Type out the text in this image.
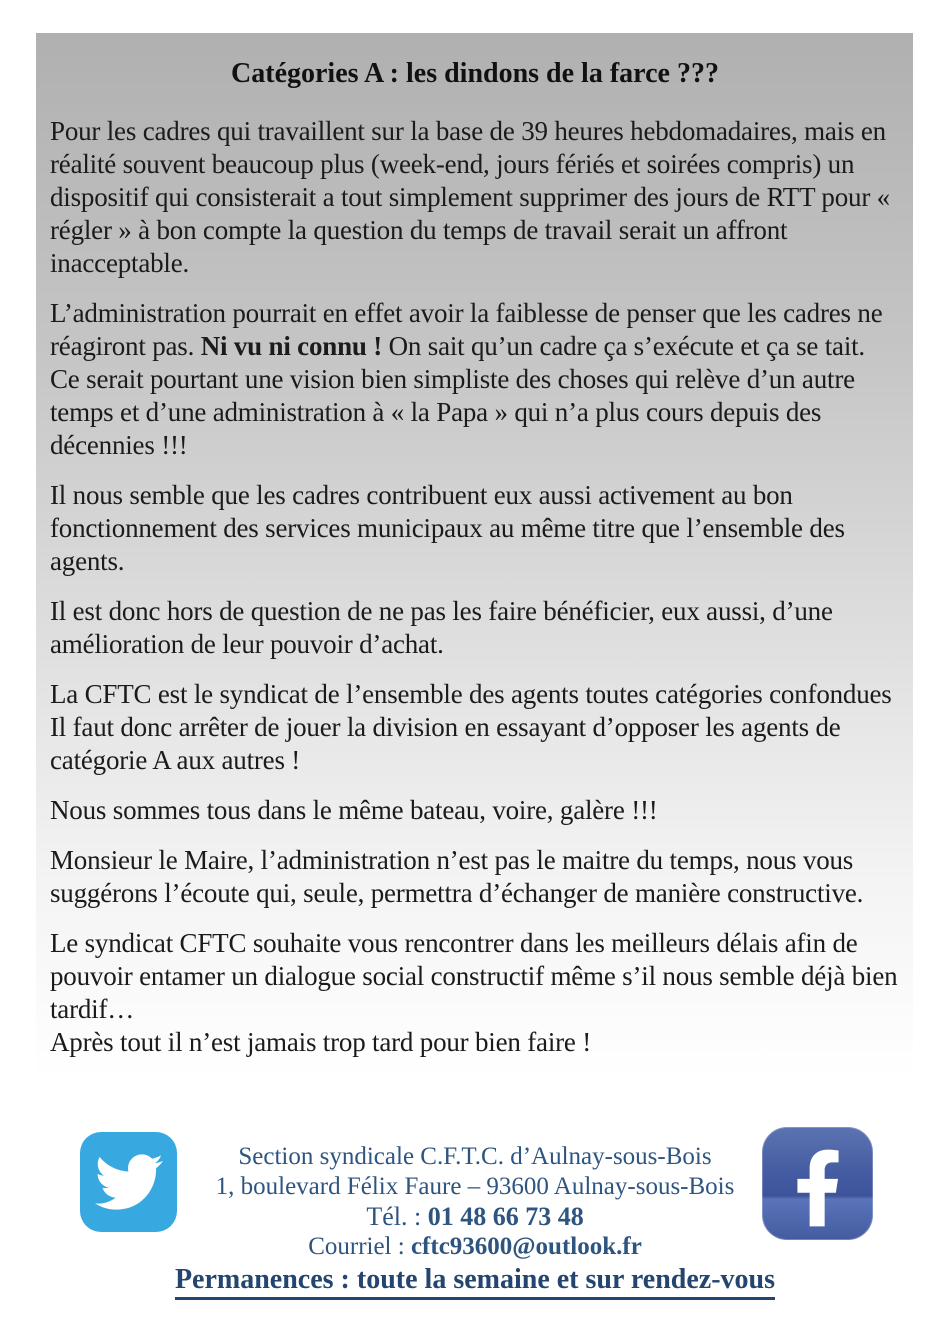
Catégories A : les dindons de la farce ???

Pour les cadres qui travaillent sur la base de 39 heures hebdomadaires, mais en réalité souvent beaucoup plus (week-end, jours fériés et soirées compris) un dispositif qui consisterait a tout simplement supprimer des jours de RTT pour « régler » à bon compte la question du temps de travail serait un affront inacceptable.

L’administration pourrait en effet avoir la faiblesse de penser que les cadres ne réagiront pas. Ni vu ni connu ! On sait qu’un cadre ça s’exécute et ça se tait. Ce serait pourtant une vision bien simpliste des choses qui relève d’un autre temps et d’une administration à « la Papa » qui n’a plus cours depuis des décennies !!!

Il nous semble que les cadres contribuent eux aussi activement au bon fonctionnement des services municipaux au même titre que l’ensemble des agents.

Il est donc hors de question de ne pas les faire bénéficier, eux aussi, d’une amélioration de leur pouvoir d’achat.

La CFTC est le syndicat de l’ensemble des agents toutes catégories confondues
Il faut donc arrêter de jouer la division en essayant d’opposer les agents de catégorie A aux autres !

Nous sommes tous dans le même bateau, voire, galère !!!

Monsieur le Maire, l’administration n’est pas le maitre du temps, nous vous suggérons l’écoute qui, seule, permettra d’échanger de manière constructive.

Le syndicat CFTC souhaite vous rencontrer dans les meilleurs délais afin de pouvoir entamer un dialogue social constructif même s’il nous semble déjà bien tardif…
Après tout il n’est jamais trop tard pour bien faire !

Section syndicale C.F.T.C. d’Aulnay-sous-Bois
1, boulevard Félix Faure – 93600 Aulnay-sous-Bois
Tél. : 01 48 66 73 48
Courriel : cftc93600@outlook.fr
Permanences : toute la semaine et sur rendez-vous
